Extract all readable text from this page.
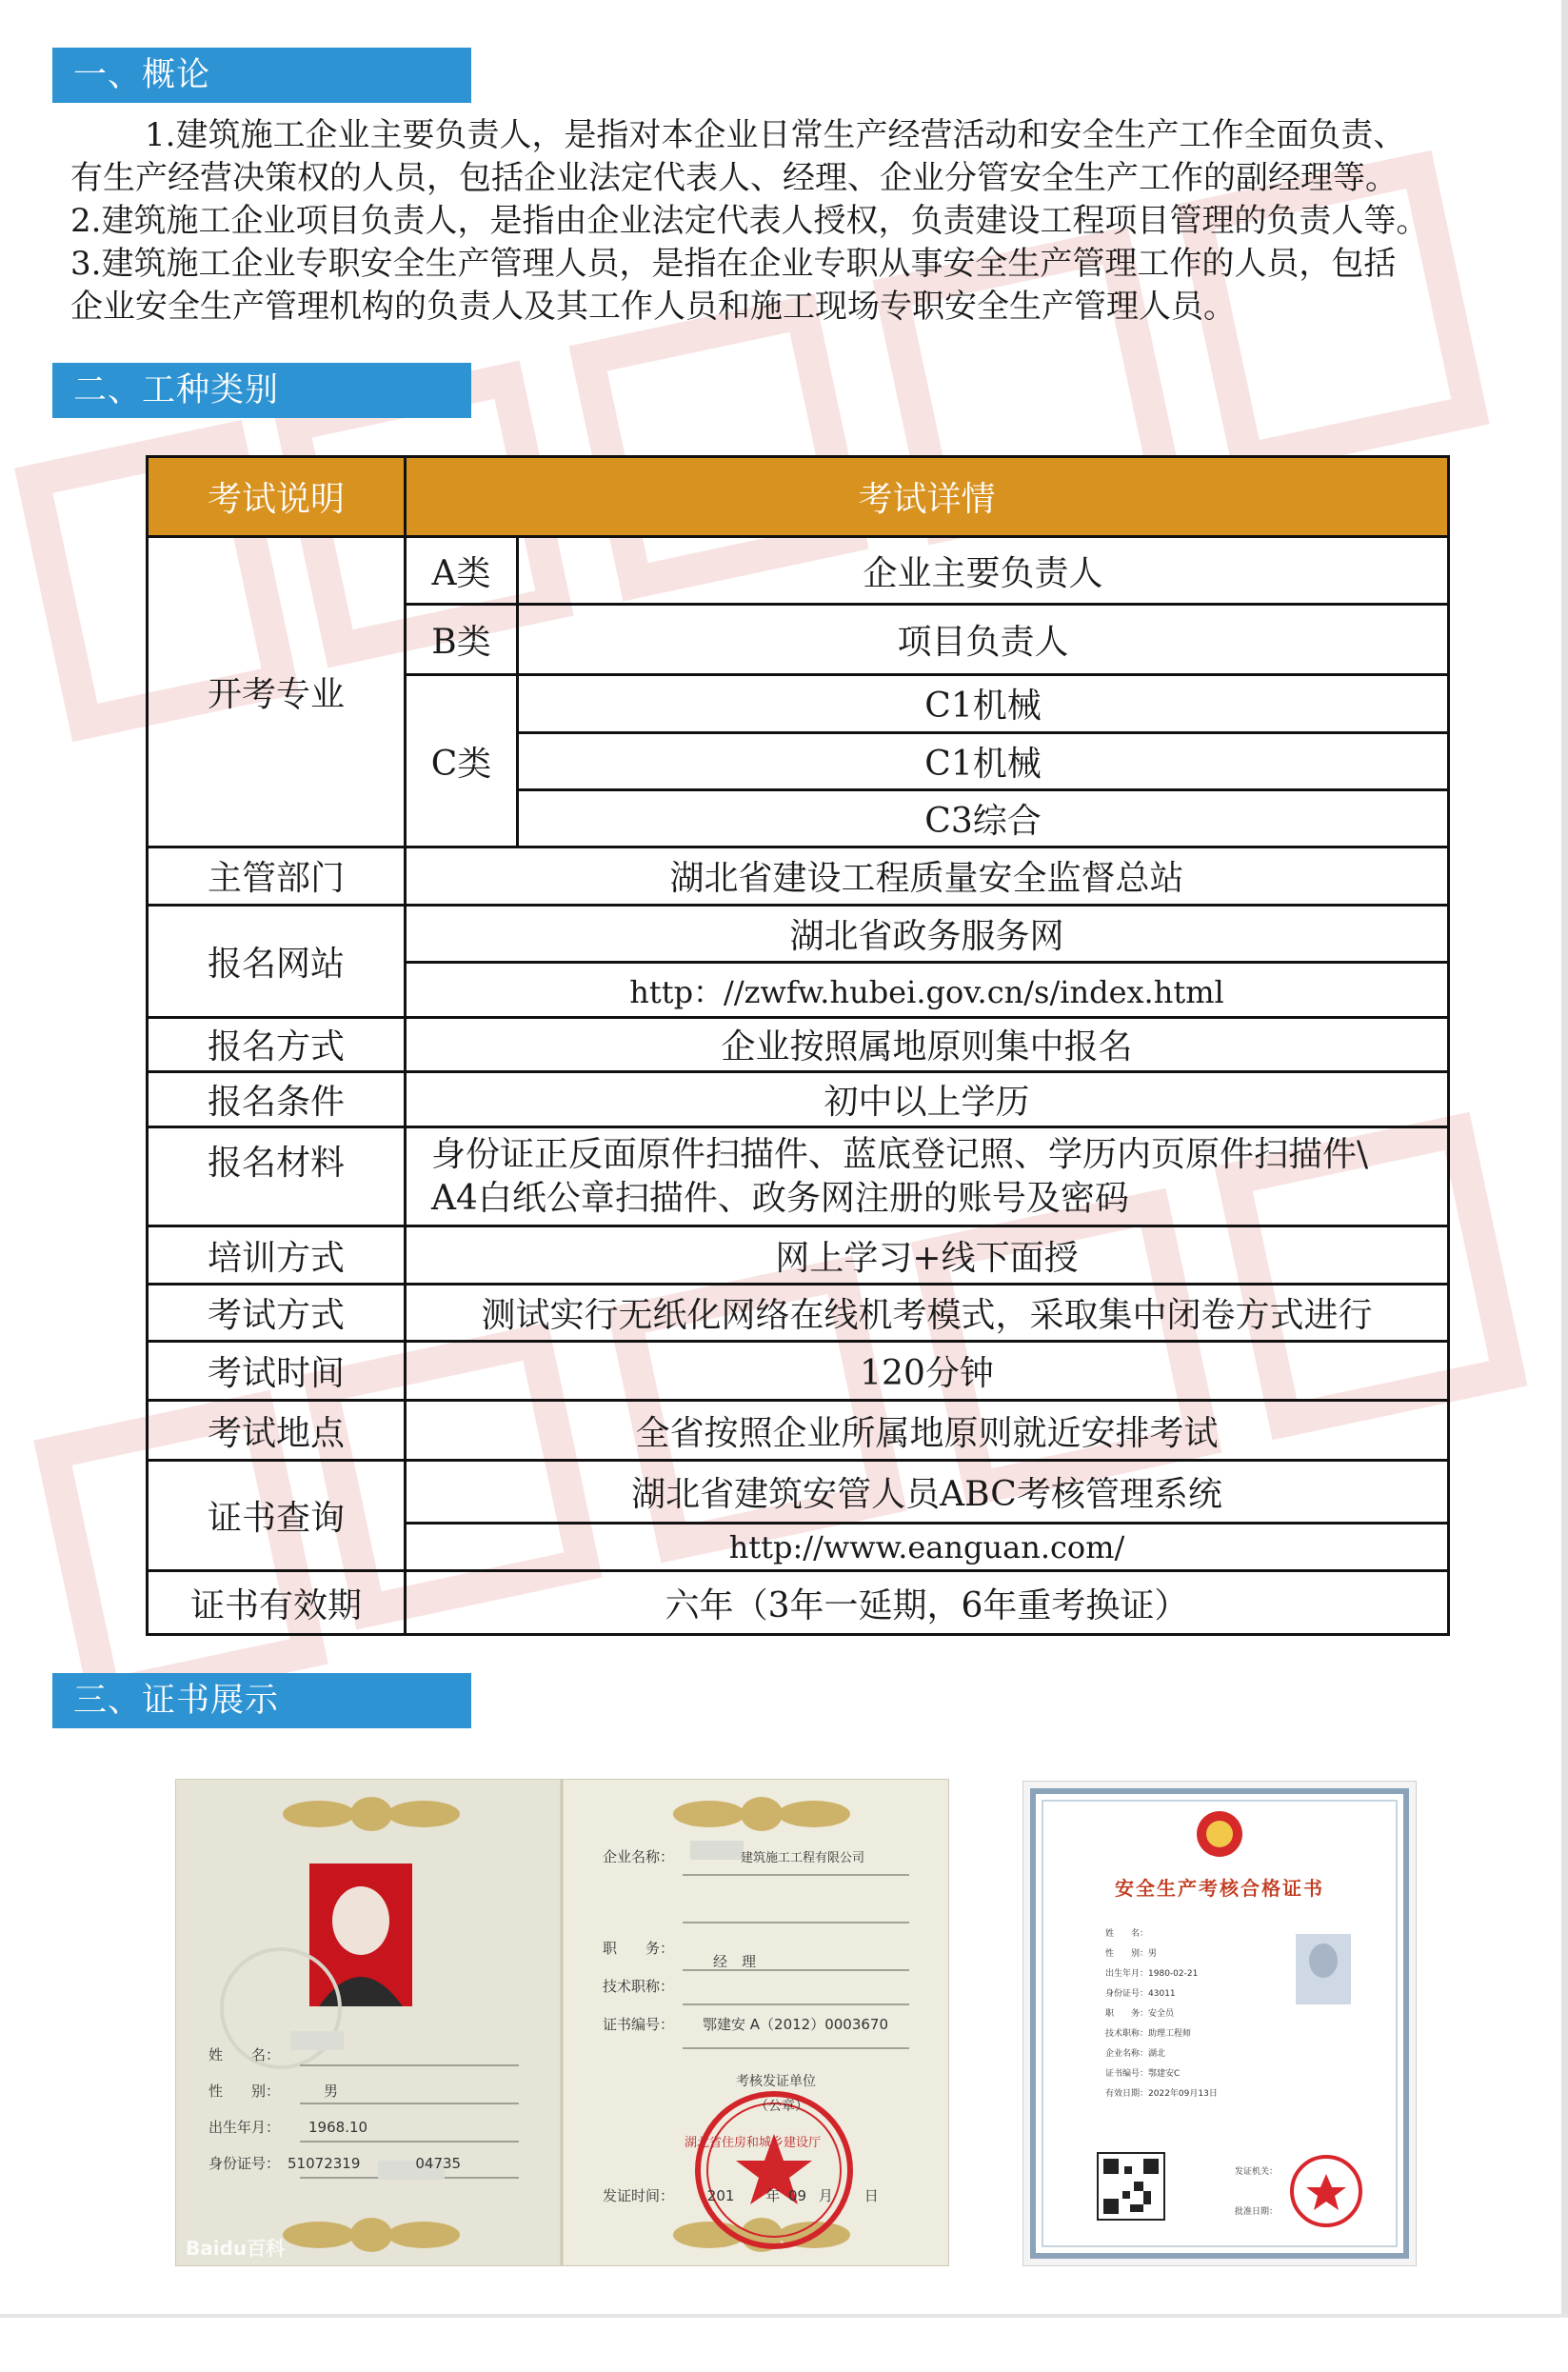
一、概论

1.建筑施工企业主要负责人，是指对本企业日常生产经营活动和安全生产工作全面负责、

有生产经营决策权的人员，包括企业法定代表人、经理、企业分管安全生产工作的副经理等。

2.建筑施工企业项目负责人，是指由企业法定代表人授权，负责建设工程项目管理的负责人等。

3.建筑施工企业专职安全生产管理人员，是指在企业专职从事安全生产管理工作的人员，包括

企业安全生产管理机构的负责人及其工作人员和施工现场专职安全生产管理人员。

二、工种类别
考试说明	考试详情	
开考专业	A类	企业主要负责人
	B类	项目负责人
	C类	C1机械
		C1机械
		C3综合
主管部门	湖北省建设工程质量安全监督总站	
报名网站	湖北省政务服务网	
	http：//zwfw.hubei.gov.cn/s/index.html	
报名方式	企业按照属地原则集中报名	
报名条件	初中以上学历	
报名材料	身份证正反面原件扫描件、蓝底登记照、学历内页原件扫描件\
A4白纸公章扫描件、政务网注册的账号及密码	

培训方式	网上学习+线下面授	
考试方式	测试实行无纸化网络在线机考模式，采取集中闭卷方式进行	
考试时间	120分钟	
考试地点	全省按照企业所属地原则就近安排考试	
证书查询	湖北省建筑安管人员ABC考核管理系统	
	http://www.eanguan.com/	
证书有效期	六年（3年一延期，6年重考换证）	
三、证书展示
姓　　名：
性　　别：	男
出生年月： 1968.10
身份证号： 51072319	04735
Baidu百科
企业名称：	建筑施工工程有限公司
职　　务：
经　理
技术职称：
证书编号： 鄂建安 A（2012）0003670
考核发证单位
（公章）
湖北省住房和城乡建设厅
发证时间： 201 年 09 月 日
安全生产考核合格证书
姓　　名：
性　　别：男
出生年月：1980-02-21
身份证号：43011
职　　务：安全员
技术职称：助理工程师
企业名称：湖北
证书编号：鄂建安C
有效日期：2022年09月13日
发证机关：
批准日期：
